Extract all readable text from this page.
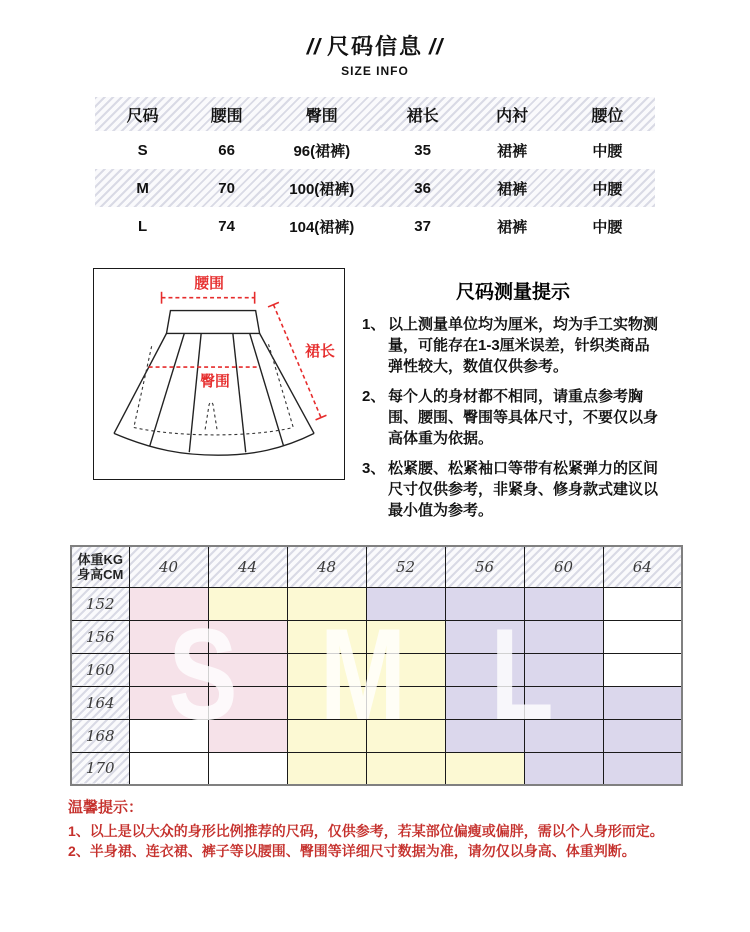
// 尺码信息 //
SIZE INFO
尺码	腰围	臀围	裙长	内衬	腰位
S	66	96(裙裤)	35	裙裤	中腰
M	70	100(裙裤)	36	裙裤	中腰
L	74	104(裙裤)	37	裙裤	中腰
腰围
臀围
裙长
尺码测量提示
1、 以上测量单位均为厘米，均为手工实物测量，可能存在1-3厘米误差，针织类商品弹性较大，数值仅供参考。
2、 每个人的身材都不相同，请重点参考胸围、腰围、臀围等具体尺寸，不要仅以身高体重为依据。
3、 松紧腰、松紧袖口等带有松紧弹力的区间尺寸仅供参考，非紧身、修身款式建议以最小值为参考。
体重KG
身高CM	40	44	48	52	56	60	64
152							
156							
160							
164							
168							
170							
S M L
温馨提示：
1、以上是以大众的身形比例推荐的尺码，仅供参考，若某部位偏瘦或偏胖，需以个人身形而定。
2、半身裙、连衣裙、裤子等以腰围、臀围等详细尺寸数据为准，请勿仅以身高、体重判断。
